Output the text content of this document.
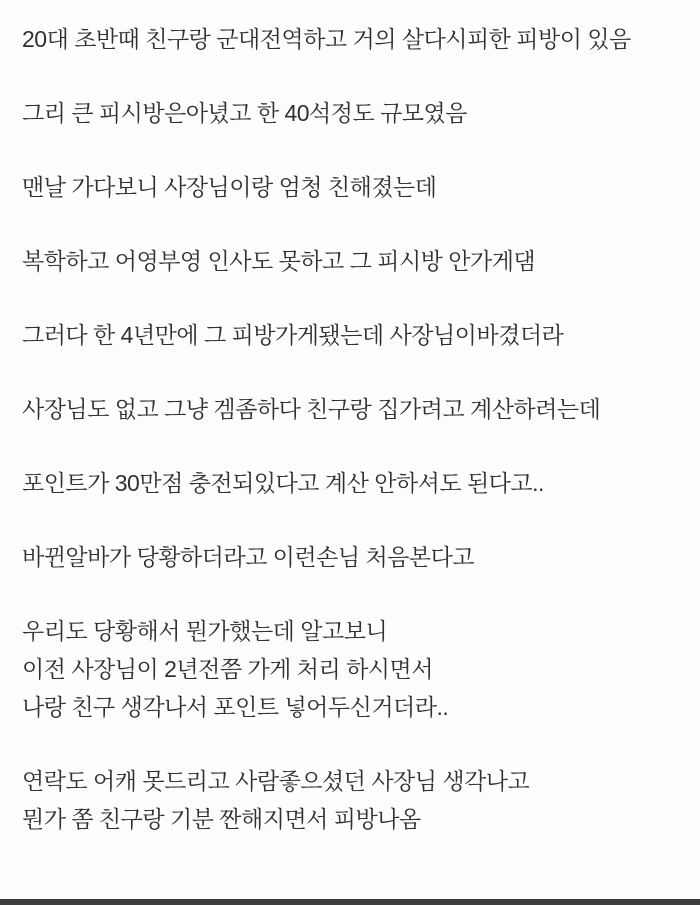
20대 초반때 친구랑 군대전역하고 거의 살다시피한 피방이 있음

그리 큰 피시방은아녔고 한 40석정도 규모였음

맨날 가다보니 사장님이랑 엄청 친해졌는데

복학하고 어영부영 인사도 못하고 그 피시방 안가게댐

그러다 한 4년만에 그 피방가게됐는데 사장님이바겼더라

사장님도 없고 그냥 겜좀하다 친구랑 집가려고 계산하려는데

포인트가 30만점 충전되있다고 계산 안하셔도 된다고..

바뀐알바가 당황하더라고 이런손님 처음본다고

우리도 당황해서 뭔가했는데 알고보니

이전 사장님이 2년전쯤 가게 처리 하시면서

나랑 친구 생각나서 포인트 넣어두신거더라..

연락도 어캐 못드리고 사람좋으셨던 사장님 생각나고

뭔가 쫌 친구랑 기분 짠해지면서 피방나옴
